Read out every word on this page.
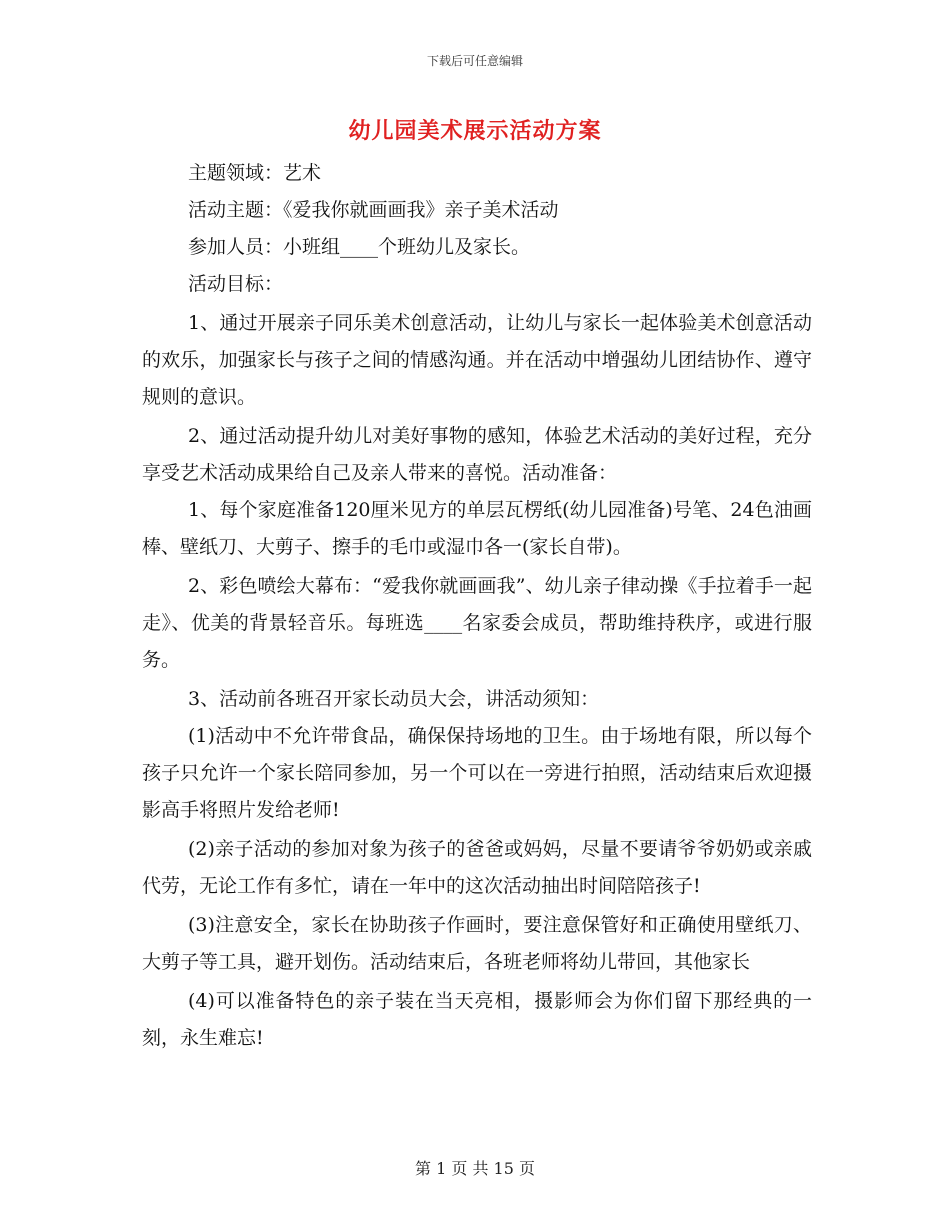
下载后可任意编辑
幼儿园美术展示活动方案

主题领域：艺术

活动主题：《爱我你就画画我》亲子美术活动

参加人员：小班组____个班幼儿及家长。

活动目标：

1、通过开展亲子同乐美术创意活动，让幼儿与家长一起体验美术创意活动的欢乐，加强家长与孩子之间的情感沟通。并在活动中增强幼儿团结协作、遵守规则的意识。

2、通过活动提升幼儿对美好事物的感知，体验艺术活动的美好过程，充分享受艺术活动成果给自己及亲人带来的喜悦。活动准备：

1、每个家庭准备120厘米见方的单层瓦楞纸(幼儿园准备)号笔、24色油画棒、壁纸刀、大剪子、擦手的毛巾或湿巾各一(家长自带)。

2、彩色喷绘大幕布：“爱我你就画画我”、幼儿亲子律动操《手拉着手一起走》、优美的背景轻音乐。每班选____名家委会成员，帮助维持秩序，或进行服务。

3、活动前各班召开家长动员大会，讲活动须知：

(1)活动中不允许带食品，确保保持场地的卫生。由于场地有限，所以每个孩子只允许一个家长陪同参加，另一个可以在一旁进行拍照，活动结束后欢迎摄影高手将照片发给老师!

(2)亲子活动的参加对象为孩子的爸爸或妈妈，尽量不要请爷爷奶奶或亲戚代劳，无论工作有多忙，请在一年中的这次活动抽出时间陪陪孩子!

(3)注意安全，家长在协助孩子作画时，要注意保管好和正确使用壁纸刀、大剪子等工具，避开划伤。活动结束后，各班老师将幼儿带回，其他家长

(4)可以准备特色的亲子装在当天亮相，摄影师会为你们留下那经典的一刻，永生难忘!

第 1 页 共 15 页
